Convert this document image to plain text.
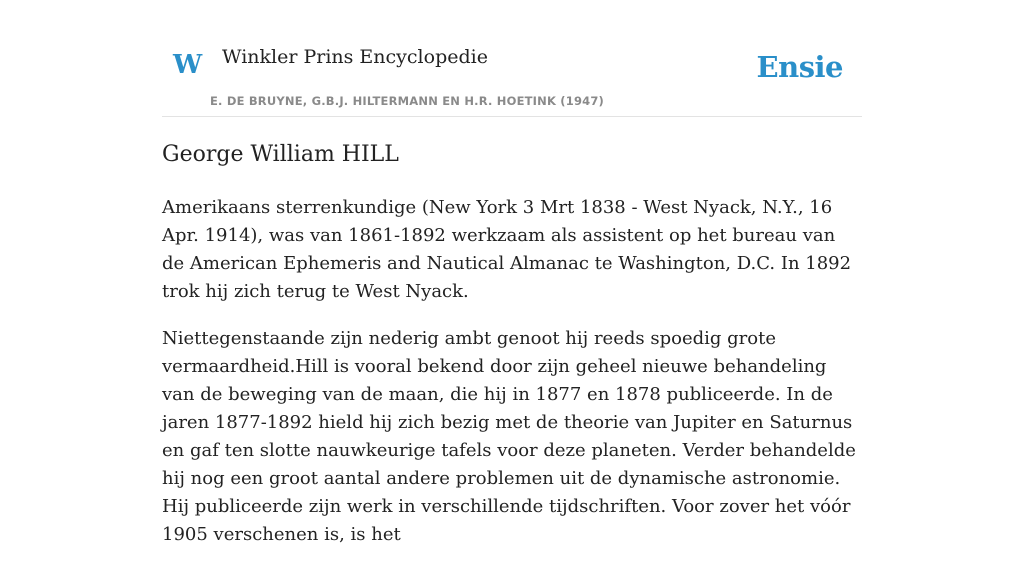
W Winkler Prins Encyclopedie
E. DE BRUYNE, G.B.J. HILTERMANN EN H.R. HOETINK (1947)
Ensie
George William HILL

Amerikaans sterrenkundige (New York 3 Mrt 1838 - West Nyack, N.Y., 16 Apr. 1914), was van 1861-1892 werkzaam als assistent op het bureau van de American Ephemeris and Nautical Almanac te Washington, D.C. In 1892 trok hij zich terug te West Nyack.

Niettegenstaande zijn nederig ambt genoot hij reeds spoedig grote vermaardheid.Hill is vooral bekend door zijn geheel nieuwe behandeling van de beweging van de maan, die hij in 1877 en 1878 publiceerde. In de jaren 1877-1892 hield hij zich bezig met de theorie van Jupiter en Saturnus en gaf ten slotte nauwkeurige tafels voor deze planeten. Verder behandelde hij nog een groot aantal andere problemen uit de dynamische astronomie. Hij publiceerde zijn werk in verschillende tijdschriften. Voor zover het vóór 1905 verschenen is, is het
